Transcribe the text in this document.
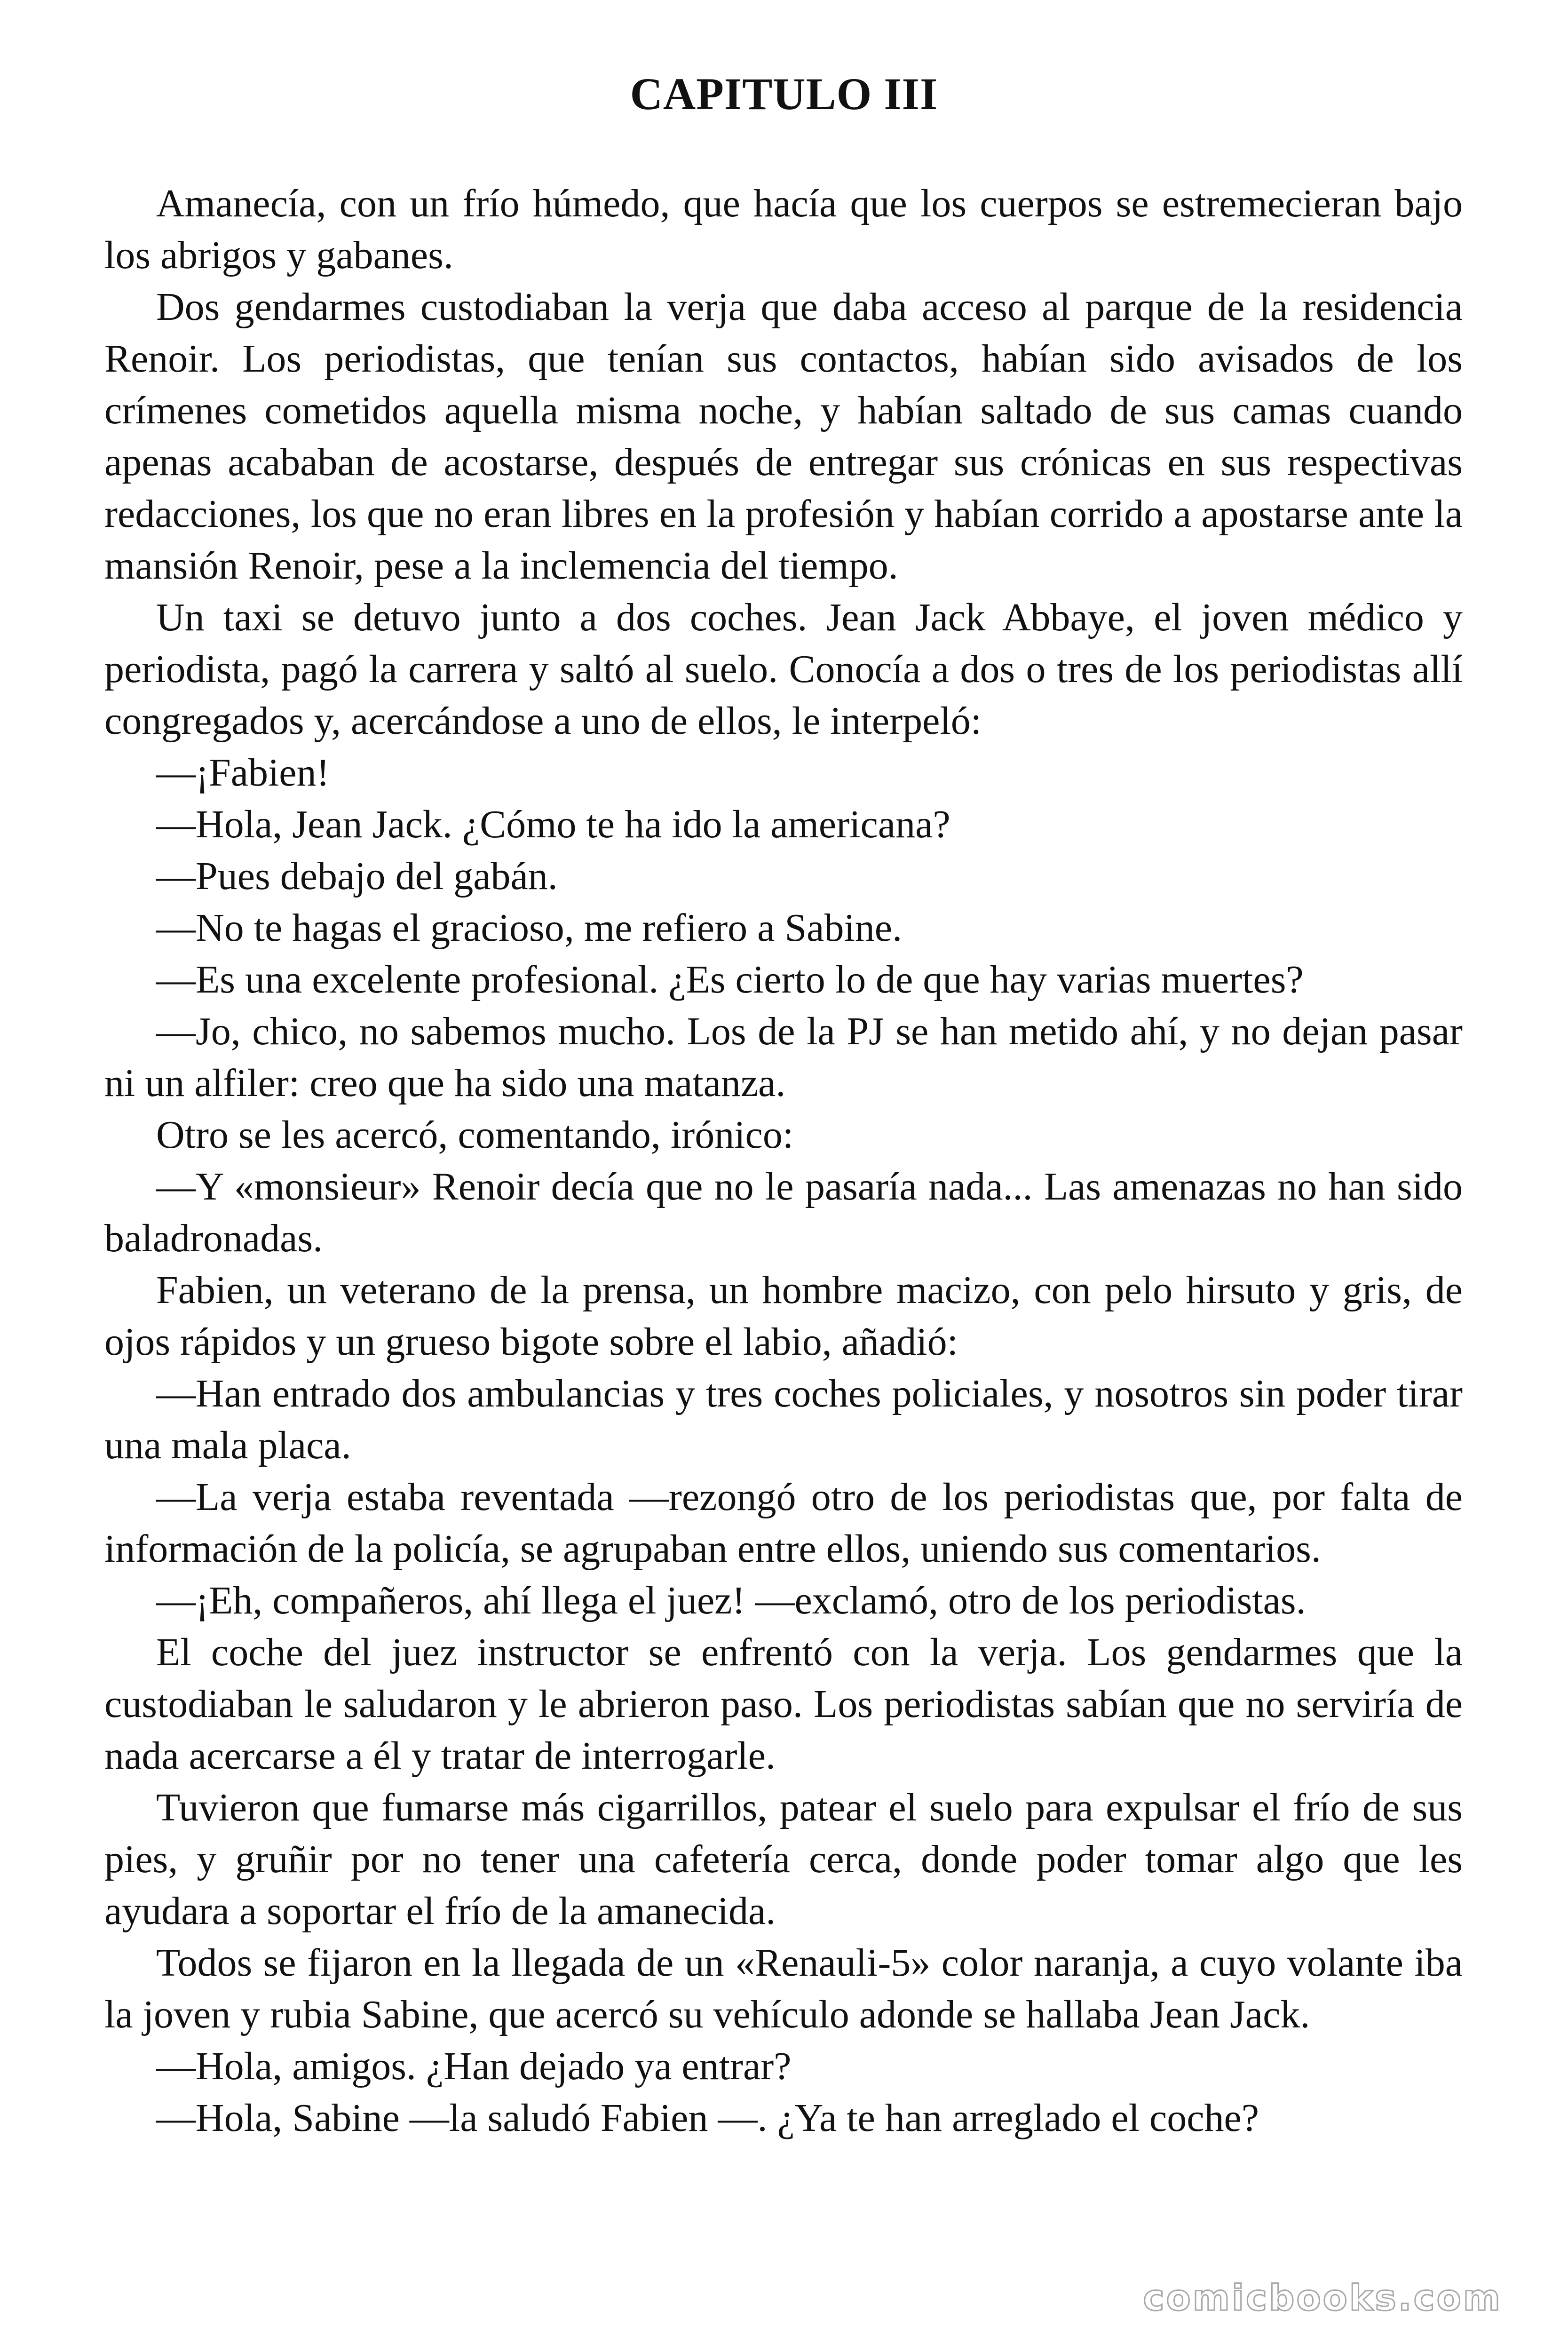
CAPITULO III

Amanecía, con un frío húmedo, que hacía que los cuerpos se estremecieran bajo los abrigos y gabanes.

Dos gendarmes custodiaban la verja que daba acceso al parque de la residencia Renoir. Los periodistas, que tenían sus contactos, habían sido avisados de los crímenes cometidos aquella misma noche, y habían saltado de sus camas cuando apenas acababan de acostarse, después de entregar sus crónicas en sus respectivas redacciones, los que no eran libres en la profesión y habían corrido a apostarse ante la mansión Renoir, pese a la inclemencia del tiempo.

Un taxi se detuvo junto a dos coches. Jean Jack Abbaye, el joven médico y periodista, pagó la carrera y saltó al suelo. Conocía a dos o tres de los periodistas allí congregados y, acercándose a uno de ellos, le interpeló:

—¡Fabien!

—Hola, Jean Jack. ¿Cómo te ha ido la americana?

—Pues debajo del gabán.

—No te hagas el gracioso, me refiero a Sabine.

—Es una excelente profesional. ¿Es cierto lo de que hay varias muertes?

—Jo, chico, no sabemos mucho. Los de la PJ se han metido ahí, y no dejan pasar ni un alfiler: creo que ha sido una matanza.

Otro se les acercó, comentando, irónico:

—Y «monsieur» Renoir decía que no le pasaría nada... Las amenazas no han sido baladronadas.

Fabien, un veterano de la prensa, un hombre macizo, con pelo hirsuto y gris, de ojos rápidos y un grueso bigote sobre el labio, añadió:

—Han entrado dos ambulancias y tres coches policiales, y nosotros sin poder tirar una mala placa.

—La verja estaba reventada —rezongó otro de los periodistas que, por falta de información de la policía, se agrupaban entre ellos, uniendo sus comentarios.

—¡Eh, compañeros, ahí llega el juez! —exclamó, otro de los periodistas.

El coche del juez instructor se enfrentó con la verja. Los gendarmes que la custodiaban le saludaron y le abrieron paso. Los periodistas sabían que no serviría de nada acercarse a él y tratar de interrogarle.

Tuvieron que fumarse más cigarrillos, patear el suelo para expulsar el frío de sus pies, y gruñir por no tener una cafetería cerca, donde poder tomar algo que les ayudara a soportar el frío de la amanecida.

Todos se fijaron en la llegada de un «Renauli-5» color naranja, a cuyo volante iba la joven y rubia Sabine, que acercó su vehículo adonde se hallaba Jean Jack.

—Hola, amigos. ¿Han dejado ya entrar?

—Hola, Sabine —la saludó Fabien —. ¿Ya te han arreglado el coche?

comicbooks.com
